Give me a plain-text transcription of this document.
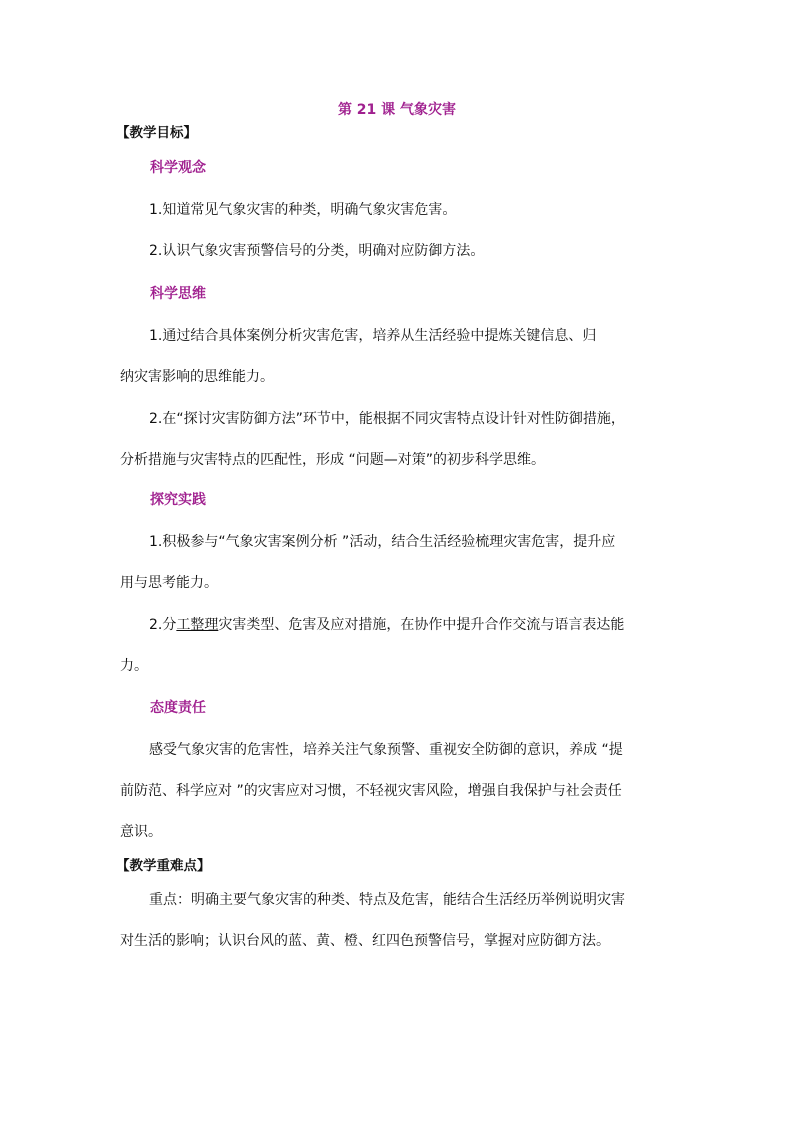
第 21 课 气象灾害
【教学目标】
科学观念
1.知道常见气象灾害的种类，明确气象灾害危害。
2.认识气象灾害预警信号的分类，明确对应防御方法。
科学思维
1.通过结合具体案例分析灾害危害，培养从生活经验中提炼关键信息、归
纳灾害影响的思维能力。
2.在“探讨灾害防御方法”环节中，能根据不同灾害特点设计针对性防御措施，
分析措施与灾害特点的匹配性，形成 “问题—对策”的初步科学思维。
探究实践
1.积极参与“气象灾害案例分析 ”活动，结合生活经验梳理灾害危害，提升应
用与思考能力。
2.分工整理灾害类型、危害及应对措施，在协作中提升合作交流与语言表达能
力。
态度责任
感受气象灾害的危害性，培养关注气象预警、重视安全防御的意识，养成 “提
前防范、科学应对 ”的灾害应对习惯，不轻视灾害风险，增强自我保护与社会责任
意识。
【教学重难点】
重点：明确主要气象灾害的种类、特点及危害，能结合生活经历举例说明灾害
对生活的影响；认识台风的蓝、黄、橙、红四色预警信号，掌握对应防御方法。
